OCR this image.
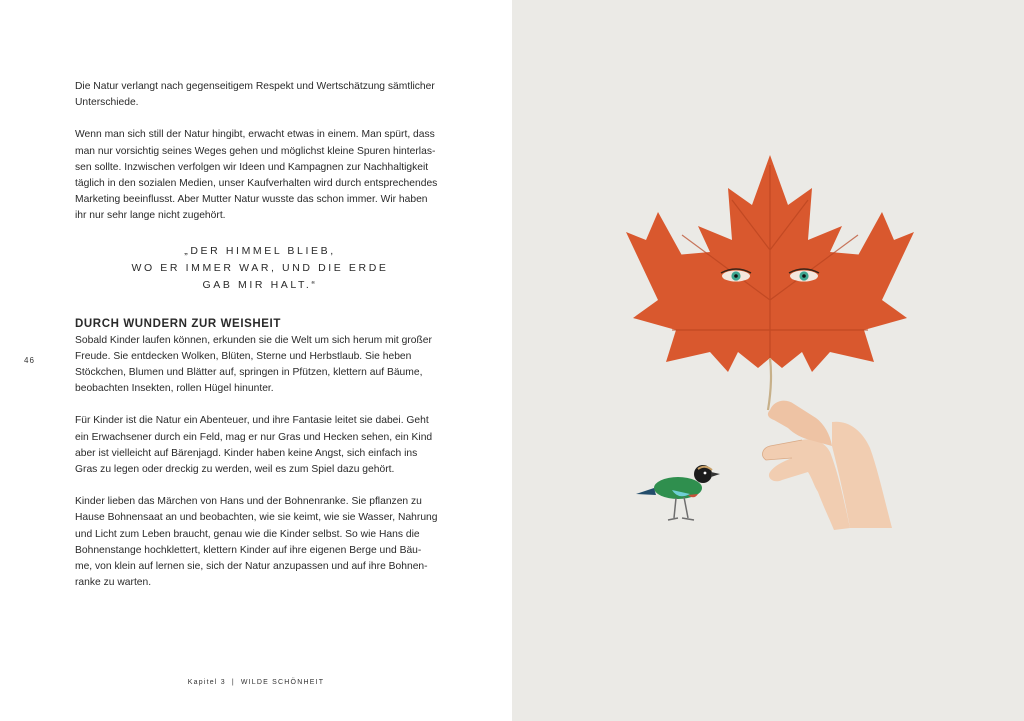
46

Die Natur verlangt nach gegenseitigem Respekt und Wertschätzung sämtlicher
Unterschiede.

Wenn man sich still der Natur hingibt, erwacht etwas in einem. Man spürt, dass
man nur vorsichtig seines Weges gehen und möglichst kleine Spuren hinterlas-
sen sollte. Inzwischen verfolgen wir Ideen und Kampagnen zur Nachhaltigkeit
täglich in den sozialen Medien, unser Kaufverhalten wird durch entsprechendes
Marketing beeinflusst. Aber Mutter Natur wusste das schon immer. Wir haben
ihr nur sehr lange nicht zugehört.

„DER HIMMEL BLIEB,
WO ER IMMER WAR, UND DIE ERDE
GAB MIR HALT.“

DURCH WUNDERN ZUR WEISHEIT

Sobald Kinder laufen können, erkunden sie die Welt um sich herum mit großer
Freude. Sie entdecken Wolken, Blüten, Sterne und Herbstlaub. Sie heben
Stöckchen, Blumen und Blätter auf, springen in Pfützen, klettern auf Bäume,
beobachten Insekten, rollen Hügel hinunter.

Für Kinder ist die Natur ein Abenteuer, und ihre Fantasie leitet sie dabei. Geht
ein Erwachsener durch ein Feld, mag er nur Gras und Hecken sehen, ein Kind
aber ist vielleicht auf Bärenjagd. Kinder haben keine Angst, sich einfach ins
Gras zu legen oder dreckig zu werden, weil es zum Spiel dazu gehört.

Kinder lieben das Märchen von Hans und der Bohnenranke. Sie pflanzen zu
Hause Bohnensaat an und beobachten, wie sie keimt, wie sie Wasser, Nahrung
und Licht zum Leben braucht, genau wie die Kinder selbst. So wie Hans die
Bohnenstange hochklettert, klettern Kinder auf ihre eigenen Berge und Bäu-
me, von klein auf lernen sie, sich der Natur anzupassen und auf ihre Bohnen-
ranke zu warten.

Kapitel 3 | WILDE SCHÖNHEIT
